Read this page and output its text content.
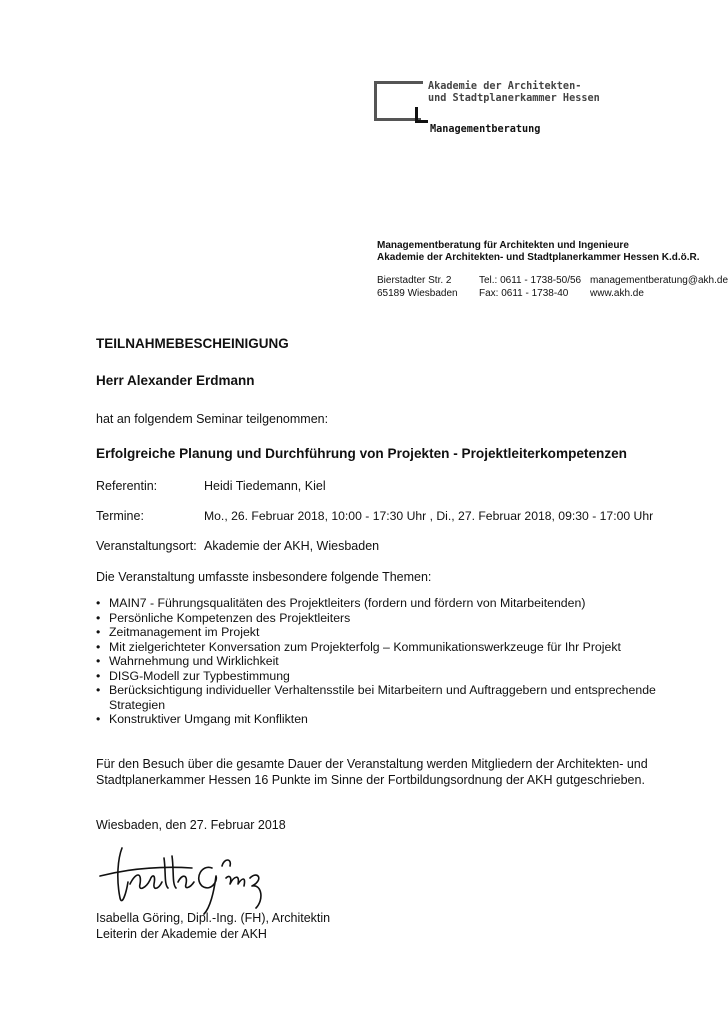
Akademie der Architekten-
und Stadtplanerkammer Hessen
Managementberatung
Managementberatung für Architekten und Ingenieure
Akademie der Architekten- und Stadtplanerkammer Hessen K.d.ö.R.
Bierstadter Str. 2
65189 Wiesbaden
Tel.: 0611 - 1738-50/56
Fax: 0611 - 1738-40
managementberatung@akh.de
www.akh.de
TEILNAHMEBESCHEINIGUNG
Herr Alexander Erdmann
hat an folgendem Seminar teilgenommen:
Erfolgreiche Planung und Durchführung von Projekten - Projektleiterkompetenzen
Referentin:	Heidi Tiedemann, Kiel
Termine:	Mo., 26. Februar 2018, 10:00 - 17:30 Uhr , Di., 27. Februar 2018, 09:30 - 17:00 Uhr
Veranstaltungsort: Akademie der AKH, Wiesbaden
Die Veranstaltung umfasste insbesondere folgende Themen:
• MAIN7 - Führungsqualitäten des Projektleiters (fordern und fördern von Mitarbeitenden)
• Persönliche Kompetenzen des Projektleiters
• Zeitmanagement im Projekt
• Mit zielgerichteter Konversation zum Projekterfolg – Kommunikationswerkzeuge für Ihr Projekt
• Wahrnehmung und Wirklichkeit
• DISG-Modell zur Typbestimmung
• Berücksichtigung individueller Verhaltensstile bei Mitarbeitern und Auftraggebern und entsprechende
Strategien
• Konstruktiver Umgang mit Konflikten
Für den Besuch über die gesamte Dauer der Veranstaltung werden Mitgliedern der Architekten- und
Stadtplanerkammer Hessen 16 Punkte im Sinne der Fortbildungsordnung der AKH gutgeschrieben.
Wiesbaden, den 27. Februar 2018
Isabella Göring, Dipl.-Ing. (FH), Architektin
Leiterin der Akademie der AKH
